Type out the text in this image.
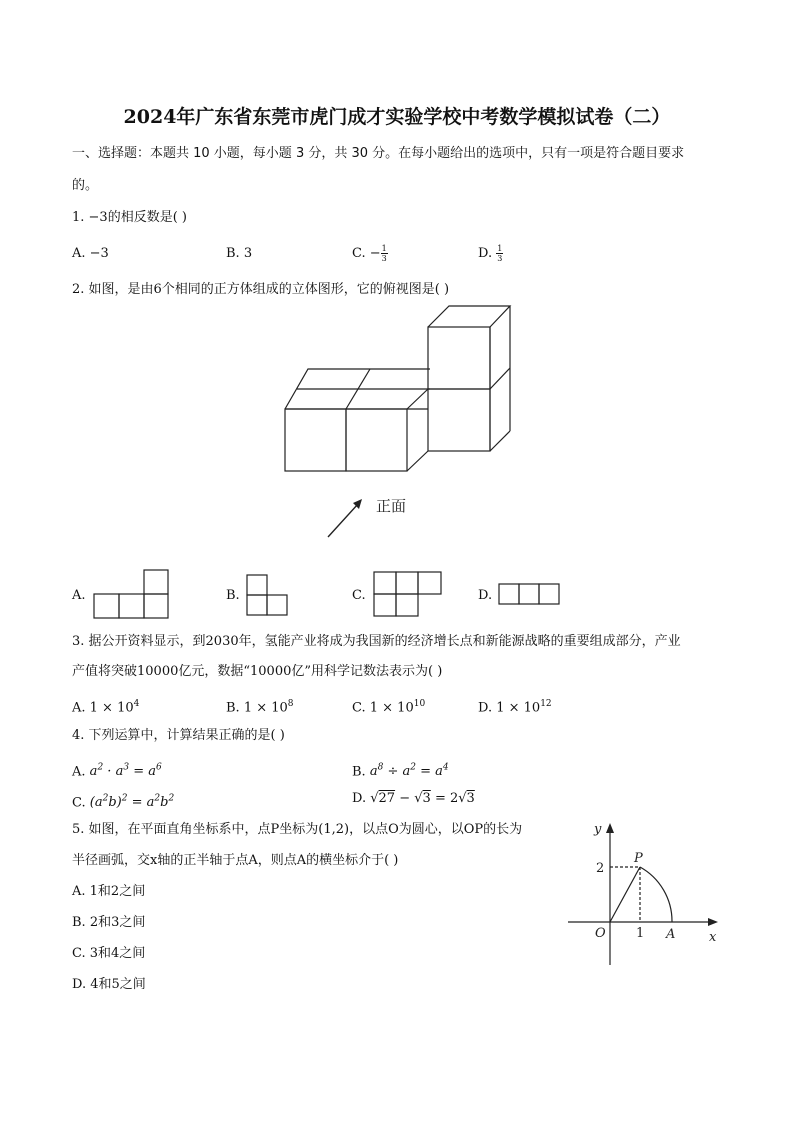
2024年广东省东莞市虎门成才实验学校中考数学模拟试卷（二）
一、选择题：本题共 10 小题，每小题 3 分，共 30 分。在每小题给出的选项中，只有一项是符合题目要求
的。
1. −3的相反数是( )
A. −3	B. 3	C. − $\frac{1}{3}$	D. $\frac{1}{3}$
2. 如图，是由6个相同的正方体组成的立体图形，它的俯视图是( )
正面
A.	B.	C.	D.
3. 据公开资料显示，到2030年，氢能产业将成为我国新的经济增长点和新能源战略的重要组成部分，产业
产值将突破10000亿元，数据“10000亿”用科学记数法表示为( )
A. $1 \times 10^4$	B. $1 \times 10^8$	C. $1 \times 10^{10}$	D. $1 \times 10^{12}$
4. 下列运算中，计算结果正确的是( )
A. $a^2 \cdot a^3 = a^6$	B. $a^8 \div a^2 = a^4$
C. $(a^2b)^2 = a^2b^2$	D. √27 − √3 = 2√3
5. 如图，在平面直角坐标系中，点P坐标为(1,2)，以点O为圆心，以OP的长为
半径画弧，交x轴的正半轴于点A，则点A的横坐标介于( )
A. 1和2之间
B. 2和3之间
C. 3和4之间
D. 4和5之间
y
x
O
P
A
1
2
